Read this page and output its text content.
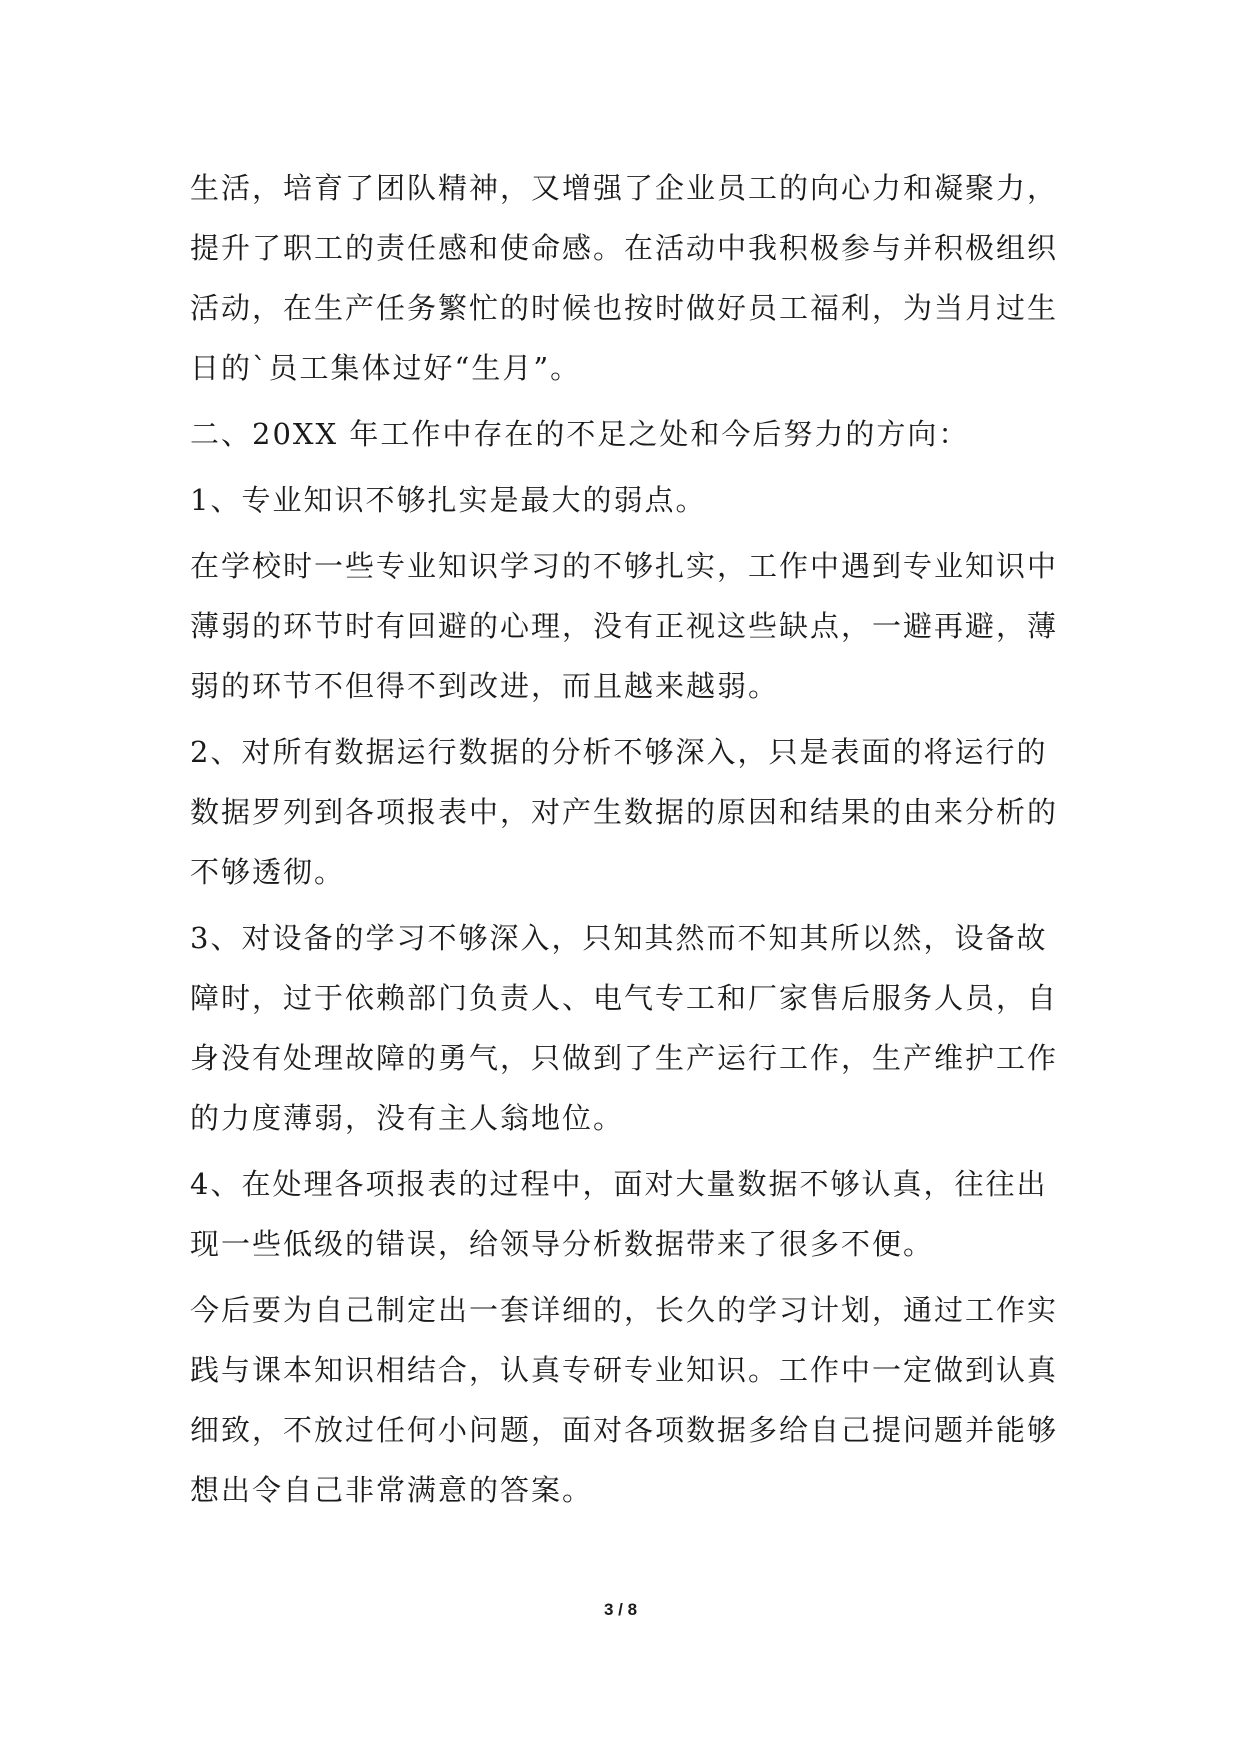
生活，培育了团队精神，又增强了企业员工的向心力和凝聚力，
提升了职工的责任感和使命感。在活动中我积极参与并积极组织
活动，在生产任务繁忙的时候也按时做好员工福利，为当月过生
日的`员工集体过好“生月”。
二、20XX 年工作中存在的不足之处和今后努力的方向：
1、专业知识不够扎实是最大的弱点。
在学校时一些专业知识学习的不够扎实，工作中遇到专业知识中
薄弱的环节时有回避的心理，没有正视这些缺点，一避再避，薄
弱的环节不但得不到改进，而且越来越弱。
2、对所有数据运行数据的分析不够深入，只是表面的将运行的
数据罗列到各项报表中，对产生数据的原因和结果的由来分析的
不够透彻。
3、对设备的学习不够深入，只知其然而不知其所以然，设备故
障时，过于依赖部门负责人、电气专工和厂家售后服务人员，自
身没有处理故障的勇气，只做到了生产运行工作，生产维护工作
的力度薄弱，没有主人翁地位。
4、在处理各项报表的过程中，面对大量数据不够认真，往往出
现一些低级的错误，给领导分析数据带来了很多不便。
今后要为自己制定出一套详细的，长久的学习计划，通过工作实
践与课本知识相结合，认真专研专业知识。工作中一定做到认真
细致，不放过任何小问题，面对各项数据多给自己提问题并能够
想出令自己非常满意的答案。
3 / 8
